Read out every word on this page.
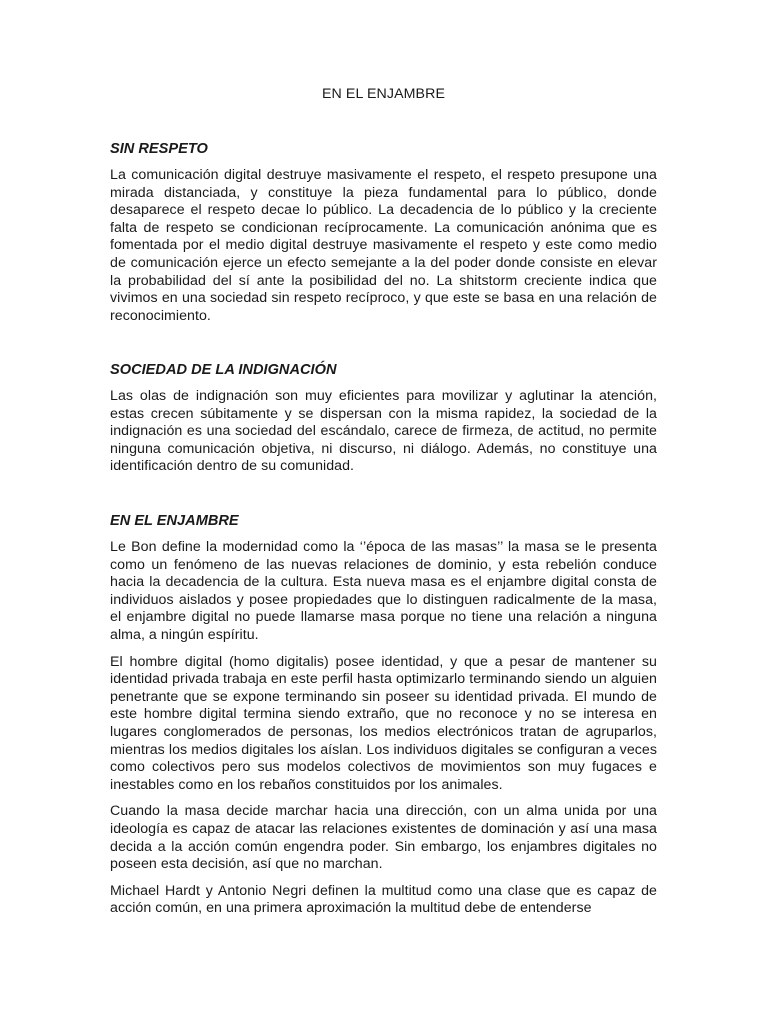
EN EL ENJAMBRE
SIN RESPETO

La comunicación digital destruye masivamente el respeto, el respeto presupone una mirada distanciada, y constituye la pieza fundamental para lo público, donde desaparece el respeto decae lo público. La decadencia de lo público y la creciente falta de respeto se condicionan recíprocamente. La comunicación anónima que es fomentada por el medio digital destruye masivamente el respeto y este como medio de comunicación ejerce un efecto semejante a la del poder donde consiste en elevar la probabilidad del sí ante la posibilidad del no. La shitstorm creciente indica que vivimos en una sociedad sin respeto recíproco, y que este se basa en una relación de reconocimiento.

SOCIEDAD DE LA INDIGNACIÓN

Las olas de indignación son muy eficientes para movilizar y aglutinar la atención, estas crecen súbitamente y se dispersan con la misma rapidez, la sociedad de la indignación es una sociedad del escándalo, carece de firmeza, de actitud, no permite ninguna comunicación objetiva, ni discurso, ni diálogo. Además, no constituye una identificación dentro de su comunidad.

EN EL ENJAMBRE

Le Bon define la modernidad como la ‘’época de las masas’’ la masa se le presenta como un fenómeno de las nuevas relaciones de dominio, y esta rebelión conduce hacia la decadencia de la cultura. Esta nueva masa es el enjambre digital consta de individuos aislados y posee propiedades que lo distinguen radicalmente de la masa, el enjambre digital no puede llamarse masa porque no tiene una relación a ninguna alma, a ningún espíritu.

El hombre digital (homo digitalis) posee identidad, y que a pesar de mantener su identidad privada trabaja en este perfil hasta optimizarlo terminando siendo un alguien penetrante que se expone terminando sin poseer su identidad privada. El mundo de este hombre digital termina siendo extraño, que no reconoce y no se interesa en lugares conglomerados de personas, los medios electrónicos tratan de agruparlos, mientras los medios digitales los aíslan. Los individuos digitales se configuran a veces como colectivos pero sus modelos colectivos de movimientos son muy fugaces e inestables como en los rebaños constituidos por los animales.

Cuando la masa decide marchar hacia una dirección, con un alma unida por una ideología es capaz de atacar las relaciones existentes de dominación y así una masa decida a la acción común engendra poder. Sin embargo, los enjambres digitales no poseen esta decisión, así que no marchan.

Michael Hardt y Antonio Negri definen la multitud como una clase que es capaz de acción común, en una primera aproximación la multitud debe de entenderse
